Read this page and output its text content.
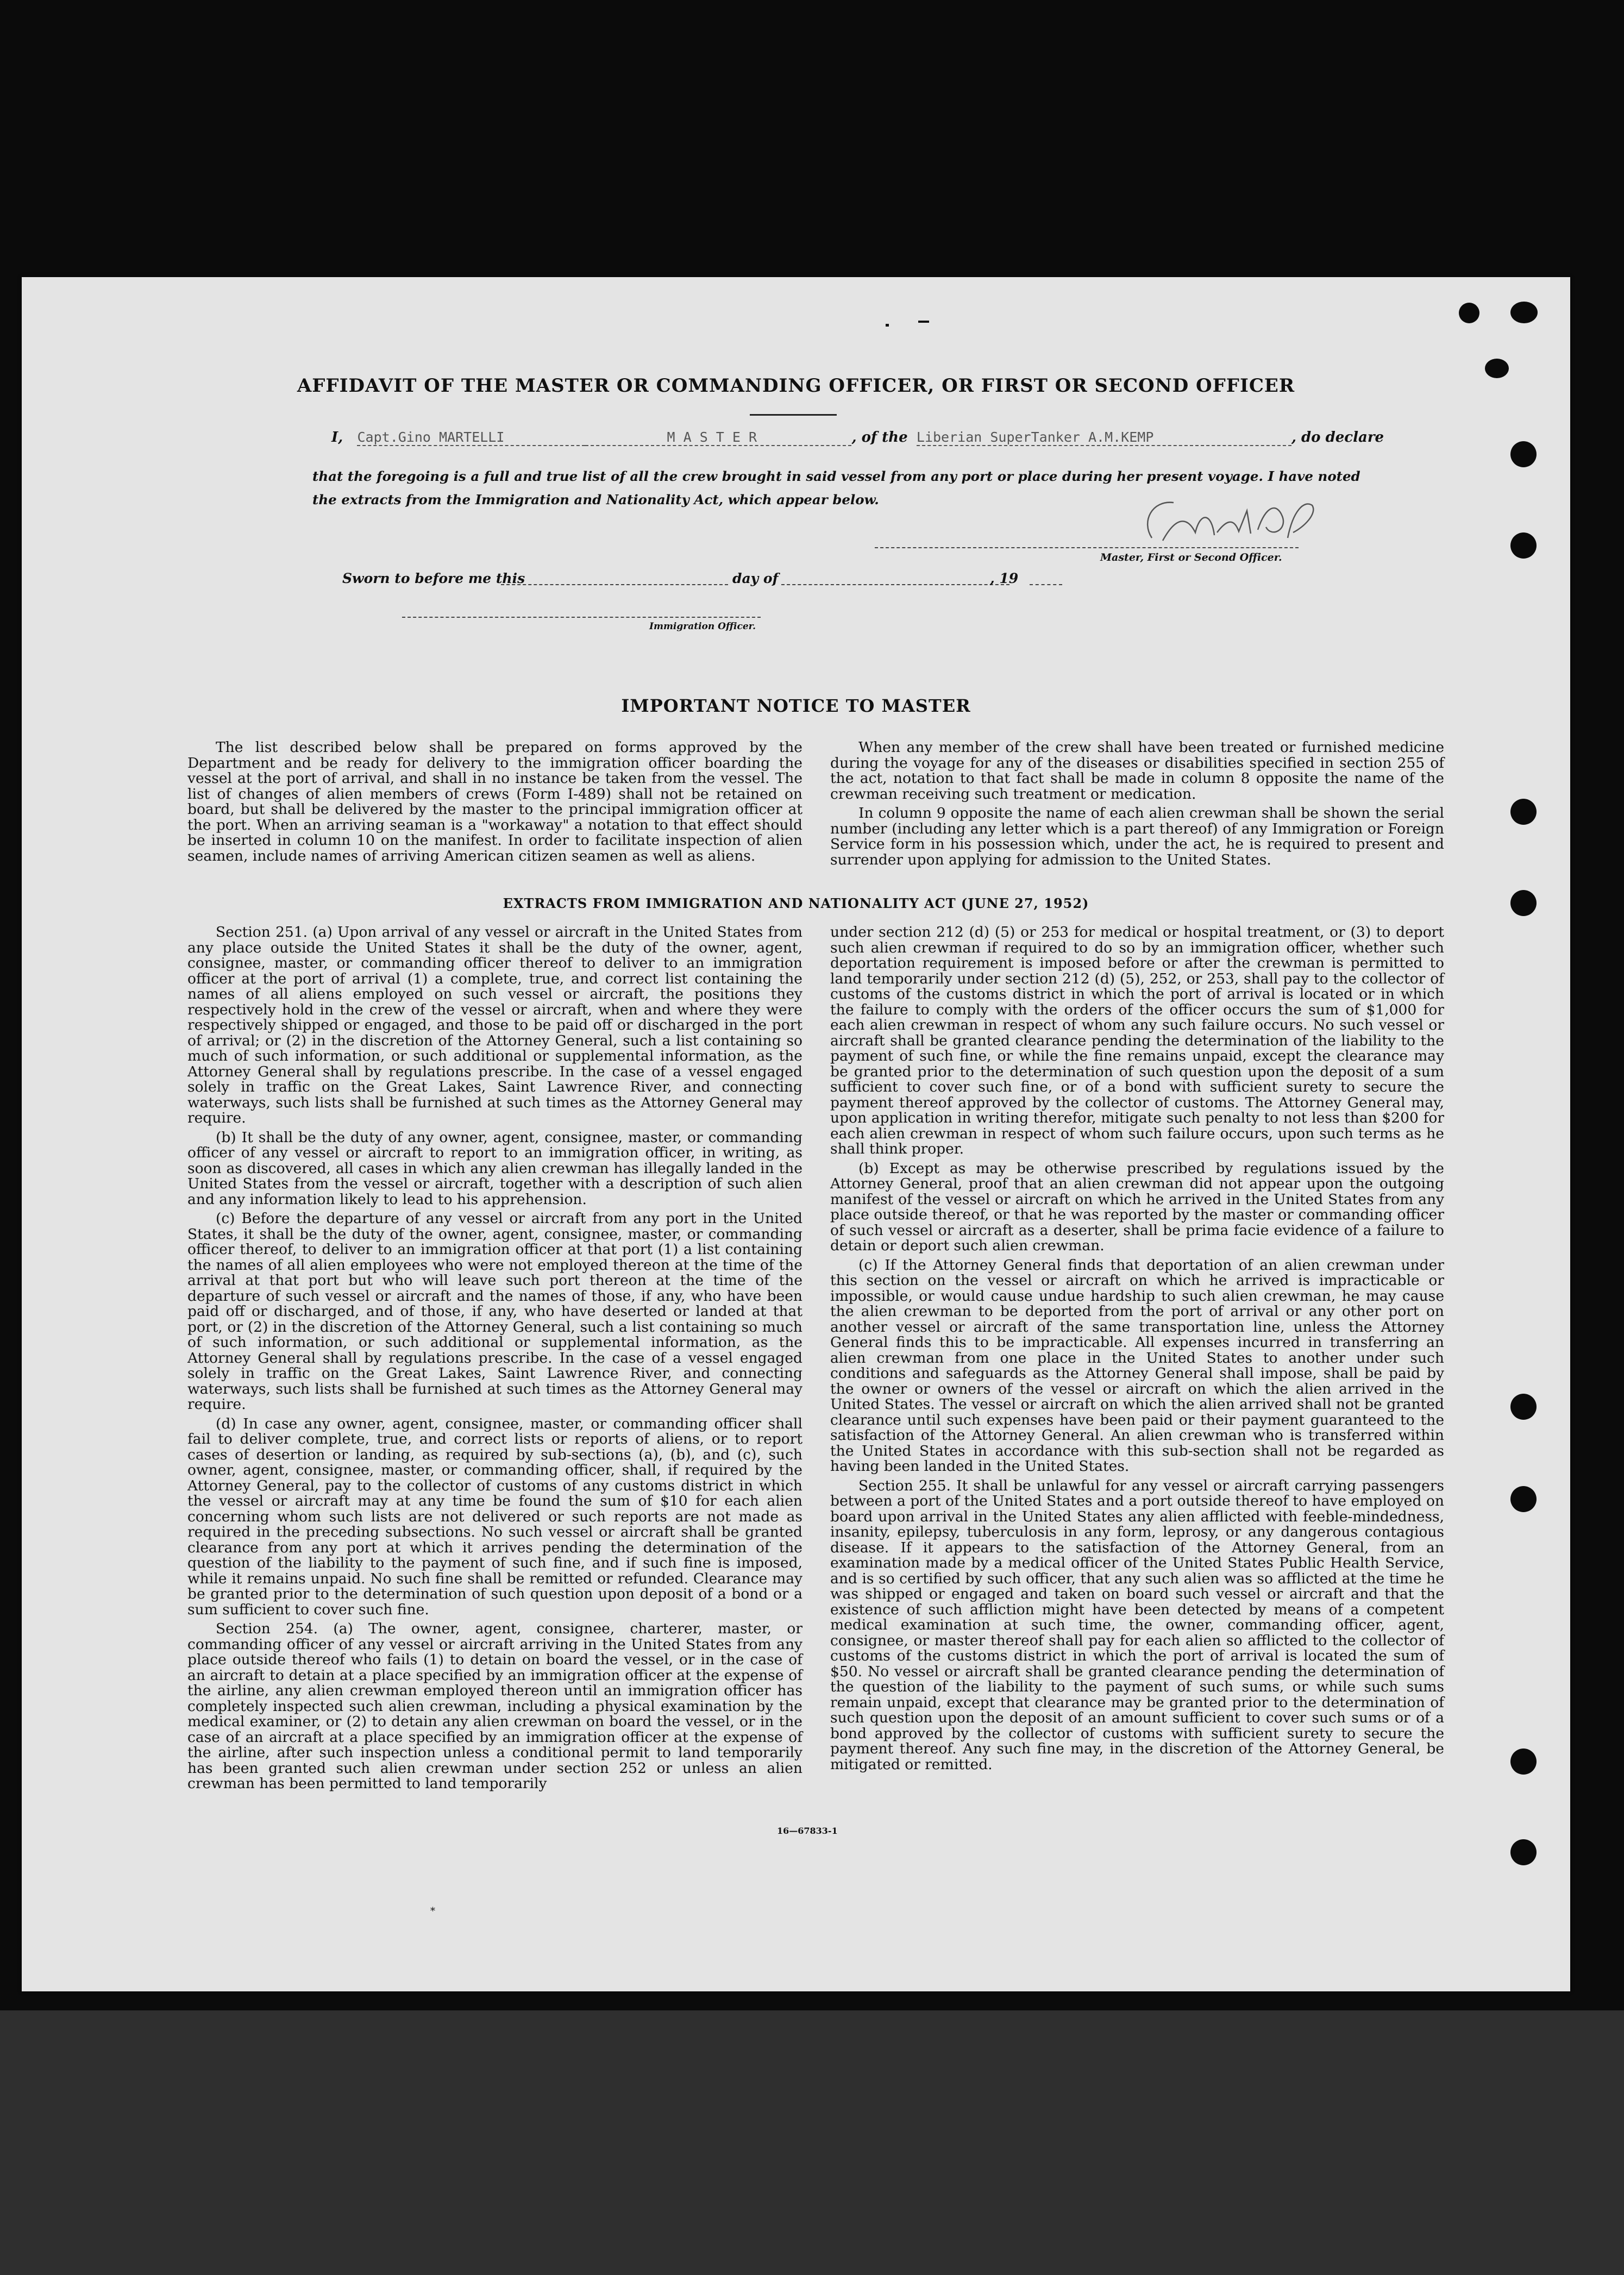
AFFIDAVIT OF THE MASTER OR COMMANDING OFFICER, OR FIRST OR SECOND OFFICER
I, Capt.Gino MARTELLI	M A S T E R	, of the Liberian SuperTanker A.M.KEMP	, do declare
that the foregoing is a full and true list of all the crew brought in said vessel from any port or place during her present voyage. I have noted
the extracts from the Immigration and Nationality Act, which appear below.
Master, First or Second Officer.
Sworn to before me this	day of	, 19
Immigration Officer.
IMPORTANT NOTICE TO MASTER

The list described below shall be prepared on forms approved by the Department and be ready for delivery to the immigration officer boarding the vessel at the port of arrival, and shall in no instance be taken from the vessel. The list of changes of alien members of crews (Form I-489) shall not be retained on board, but shall be delivered by the master to the principal immigration officer at the port. When an arriving seaman is a "workaway" a notation to that effect should be inserted in column 10 on the manifest. In order to facilitate inspection of alien seamen, include names of arriving American citizen seamen as well as aliens.

When any member of the crew shall have been treated or furnished medicine during the voyage for any of the diseases or disabilities specified in section 255 of the act, notation to that fact shall be made in column 8 opposite the name of the crewman receiving such treatment or medication.

In column 9 opposite the name of each alien crewman shall be shown the serial number (including any letter which is a part thereof) of any Immigration or Foreign Service form in his possession which, under the act, he is required to present and surrender upon applying for admission to the United States.

EXTRACTS FROM IMMIGRATION AND NATIONALITY ACT (JUNE 27, 1952)

Section 251. (a) Upon arrival of any vessel or aircraft in the United States from any place outside the United States it shall be the duty of the owner, agent, consignee, master, or commanding officer thereof to deliver to an immigration officer at the port of arrival (1) a complete, true, and correct list containing the names of all aliens employed on such vessel or aircraft, the positions they respectively hold in the crew of the vessel or aircraft, when and where they were respectively shipped or engaged, and those to be paid off or discharged in the port of arrival; or (2) in the discretion of the Attorney General, such a list containing so much of such information, or such additional or supplemental information, as the Attorney General shall by regulations prescribe. In the case of a vessel engaged solely in traffic on the Great Lakes, Saint Lawrence River, and connecting waterways, such lists shall be furnished at such times as the Attorney General may require.

(b) It shall be the duty of any owner, agent, consignee, master, or commanding officer of any vessel or aircraft to report to an immigration officer, in writing, as soon as discovered, all cases in which any alien crewman has illegally landed in the United States from the vessel or aircraft, together with a description of such alien and any information likely to lead to his apprehension.

(c) Before the departure of any vessel or aircraft from any port in the United States, it shall be the duty of the owner, agent, consignee, master, or commanding officer thereof, to deliver to an immigration officer at that port (1) a list containing the names of all alien employees who were not employed thereon at the time of the arrival at that port but who will leave such port thereon at the time of the departure of such vessel or aircraft and the names of those, if any, who have been paid off or discharged, and of those, if any, who have deserted or landed at that port, or (2) in the discretion of the Attorney General, such a list containing so much of such information, or such additional or supplemental information, as the Attorney General shall by regulations prescribe. In the case of a vessel engaged solely in traffic on the Great Lakes, Saint Lawrence River, and connecting waterways, such lists shall be furnished at such times as the Attorney General may require.

(d) In case any owner, agent, consignee, master, or commanding officer shall fail to deliver complete, true, and correct lists or reports of aliens, or to report cases of desertion or landing, as required by sub-sections (a), (b), and (c), such owner, agent, consignee, master, or commanding officer, shall, if required by the Attorney General, pay to the collector of customs of any customs district in which the vessel or aircraft may at any time be found the sum of $10 for each alien concerning whom such lists are not delivered or such reports are not made as required in the preceding subsections. No such vessel or aircraft shall be granted clearance from any port at which it arrives pending the determination of the question of the liability to the payment of such fine, and if such fine is imposed, while it remains unpaid. No such fine shall be remitted or refunded. Clearance may be granted prior to the determination of such question upon deposit of a bond or a sum sufficient to cover such fine.

Section 254. (a) The owner, agent, consignee, charterer, master, or commanding officer of any vessel or aircraft arriving in the United States from any place outside thereof who fails (1) to detain on board the vessel, or in the case of an aircraft to detain at a place specified by an immigration officer at the expense of the airline, any alien crewman employed thereon until an immigration officer has completely inspected such alien crewman, including a physical examination by the medical examiner, or (2) to detain any alien crewman on board the vessel, or in the case of an aircraft at a place specified by an immigration officer at the expense of the airline, after such inspection unless a conditional permit to land temporarily has been granted such alien crewman under section 252 or unless an alien crewman has been permitted to land temporarily

under section 212 (d) (5) or 253 for medical or hospital treatment, or (3) to deport such alien crewman if required to do so by an immigration officer, whether such deportation requirement is imposed before or after the crewman is permitted to land temporarily under section 212 (d) (5), 252, or 253, shall pay to the collector of customs of the customs district in which the port of arrival is located or in which the failure to comply with the orders of the officer occurs the sum of $1,000 for each alien crewman in respect of whom any such failure occurs. No such vessel or aircraft shall be granted clearance pending the determination of the liability to the payment of such fine, or while the fine remains unpaid, except the clearance may be granted prior to the determination of such question upon the deposit of a sum sufficient to cover such fine, or of a bond with sufficient surety to secure the payment thereof approved by the collector of customs. The Attorney General may, upon application in writing therefor, mitigate such penalty to not less than $200 for each alien crewman in respect of whom such failure occurs, upon such terms as he shall think proper.

(b) Except as may be otherwise prescribed by regulations issued by the Attorney General, proof that an alien crewman did not appear upon the outgoing manifest of the vessel or aircraft on which he arrived in the United States from any place outside thereof, or that he was reported by the master or commanding officer of such vessel or aircraft as a deserter, shall be prima facie evidence of a failure to detain or deport such alien crewman.

(c) If the Attorney General finds that deportation of an alien crewman under this section on the vessel or aircraft on which he arrived is impracticable or impossible, or would cause undue hardship to such alien crewman, he may cause the alien crewman to be deported from the port of arrival or any other port on another vessel or aircraft of the same transportation line, unless the Attorney General finds this to be impracticable. All expenses incurred in transferring an alien crewman from one place in the United States to another under such conditions and safeguards as the Attorney General shall impose, shall be paid by the owner or owners of the vessel or aircraft on which the alien arrived in the United States. The vessel or aircraft on which the alien arrived shall not be granted clearance until such expenses have been paid or their payment guaranteed to the satisfaction of the Attorney General. An alien crewman who is transferred within the United States in accordance with this sub-section shall not be regarded as having been landed in the United States.

Section 255. It shall be unlawful for any vessel or aircraft carrying passengers between a port of the United States and a port outside thereof to have employed on board upon arrival in the United States any alien afflicted with feeble-mindedness, insanity, epilepsy, tuberculosis in any form, leprosy, or any dangerous contagious disease. If it appears to the satisfaction of the Attorney General, from an examination made by a medical officer of the United States Public Health Service, and is so certified by such officer, that any such alien was so afflicted at the time he was shipped or engaged and taken on board such vessel or aircraft and that the existence of such affliction might have been detected by means of a competent medical examination at such time, the owner, commanding officer, agent, consignee, or master thereof shall pay for each alien so afflicted to the collector of customs of the customs district in which the port of arrival is located the sum of $50. No vessel or aircraft shall be granted clearance pending the determination of the question of the liability to the payment of such sums, or while such sums remain unpaid, except that clearance may be granted prior to the determination of such question upon the deposit of an amount sufficient to cover such sums or of a bond approved by the collector of customs with sufficient surety to secure the payment thereof. Any such fine may, in the discretion of the Attorney General, be mitigated or remitted.

16—67833-1
*
